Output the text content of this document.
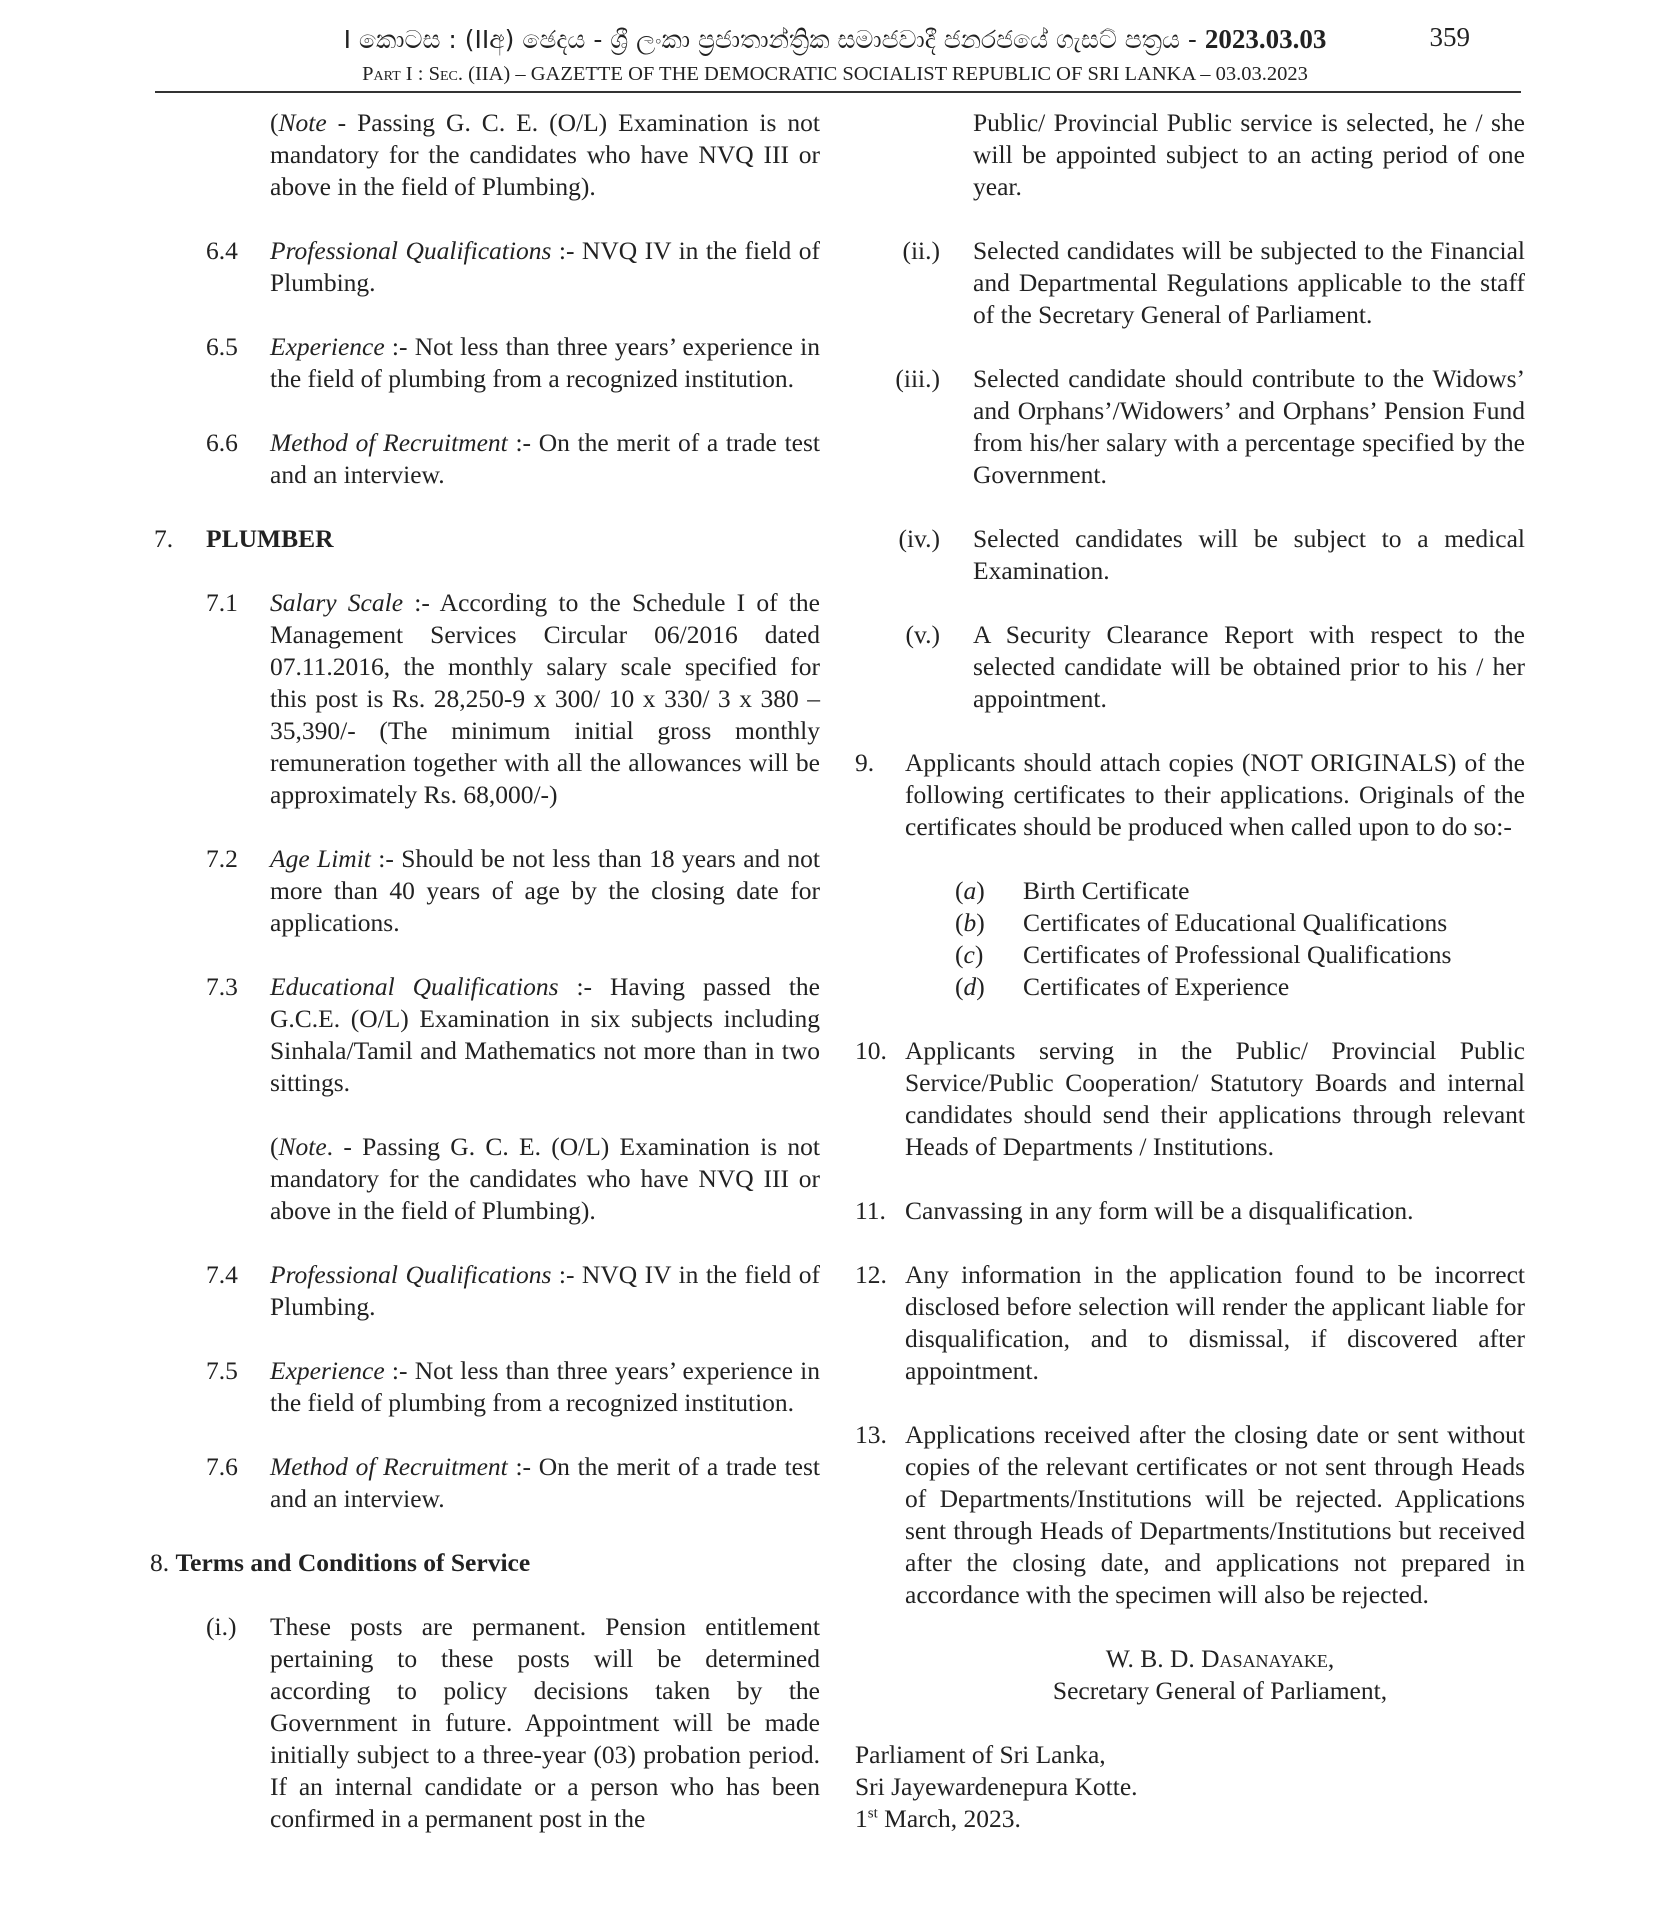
I කොටස : (IIඅ) ඡෙදය - ශ්‍රී ලංකා ප්‍රජාතාන්ත්‍රික සමාජවාදී ජනරජයේ ගැසට් පත්‍රය - 2023.03.03
Part I : Sec. (IIA) – GAZETTE OF THE DEMOCRATIC SOCIALIST REPUBLIC OF SRI LANKA – 03.03.2023
359
(Note - Passing G. C. E. (O/L) Examination is not mandatory for the candidates who have NVQ III or above in the field of Plumbing).
6.4 Professional Qualifications :- NVQ IV in the field of Plumbing.
6.5 Experience :- Not less than three years’ experience in the field of plumbing from a recognized institution.
6.6 Method of Recruitment :- On the merit of a trade test and an interview.
7. PLUMBER
7.1 Salary Scale :- According to the Schedule I of the Management Services Circular 06/2016 dated 07.11.2016, the monthly salary scale specified for this post is Rs. 28,250-9 x 300/ 10 x 330/ 3 x 380 – 35,390/- (The minimum initial gross monthly remuneration together with all the allowances will be approximately Rs. 68,000/-)
7.2 Age Limit :- Should be not less than 18 years and not more than 40 years of age by the closing date for applications.
7.3 Educational Qualifications :- Having passed the G.C.E. (O/L) Examination in six subjects including Sinhala/Tamil and Mathematics not more than in two sittings.
(Note. - Passing G. C. E. (O/L) Examination is not mandatory for the candidates who have NVQ III or above in the field of Plumbing).
7.4 Professional Qualifications :- NVQ IV in the field of Plumbing.
7.5 Experience :- Not less than three years’ experience in the field of plumbing from a recognized institution.
7.6 Method of Recruitment :- On the merit of a trade test and an interview.
8. Terms and Conditions of Service
(i.) These posts are permanent. Pension entitlement pertaining to these posts will be determined according to policy decisions taken by the Government in future. Appointment will be made initially subject to a three-year (03) probation period. If an internal candidate or a person who has been confirmed in a permanent post in the
Public/ Provincial Public service is selected, he / she will be appointed subject to an acting period of one year.
(ii.) Selected candidates will be subjected to the Financial and Departmental Regulations applicable to the staff of the Secretary General of Parliament.
(iii.) Selected candidate should contribute to the Widows’ and Orphans’/Widowers’ and Orphans’ Pension Fund from his/her salary with a percentage specified by the Government.
(iv.) Selected candidates will be subject to a medical Examination.
(v.) A Security Clearance Report with respect to the selected candidate will be obtained prior to his / her appointment.
9. Applicants should attach copies (NOT ORIGINALS) of the following certificates to their applications. Originals of the certificates should be produced when called upon to do so:-
(a)	Birth Certificate
(b)	Certificates of Educational Qualifications
(c)	Certificates of Professional Qualifications
(d)	Certificates of Experience
10. Applicants serving in the Public/ Provincial Public Service/Public Cooperation/ Statutory Boards and internal candidates should send their applications through relevant Heads of Departments / Institutions.
11. Canvassing in any form will be a disqualification.
12. Any information in the application found to be incorrect disclosed before selection will render the applicant liable for disqualification, and to dismissal, if discovered after appointment.
13. Applications received after the closing date or sent without copies of the relevant certificates or not sent through Heads of Departments/Institutions will be rejected. Applications sent through Heads of Departments/Institutions but received after the closing date, and applications not prepared in accordance with the specimen will also be rejected.
W. B. D. Dasanayake,
Secretary General of Parliament,
Parliament of Sri Lanka,
Sri Jayewardenepura Kotte.
1st March, 2023.
